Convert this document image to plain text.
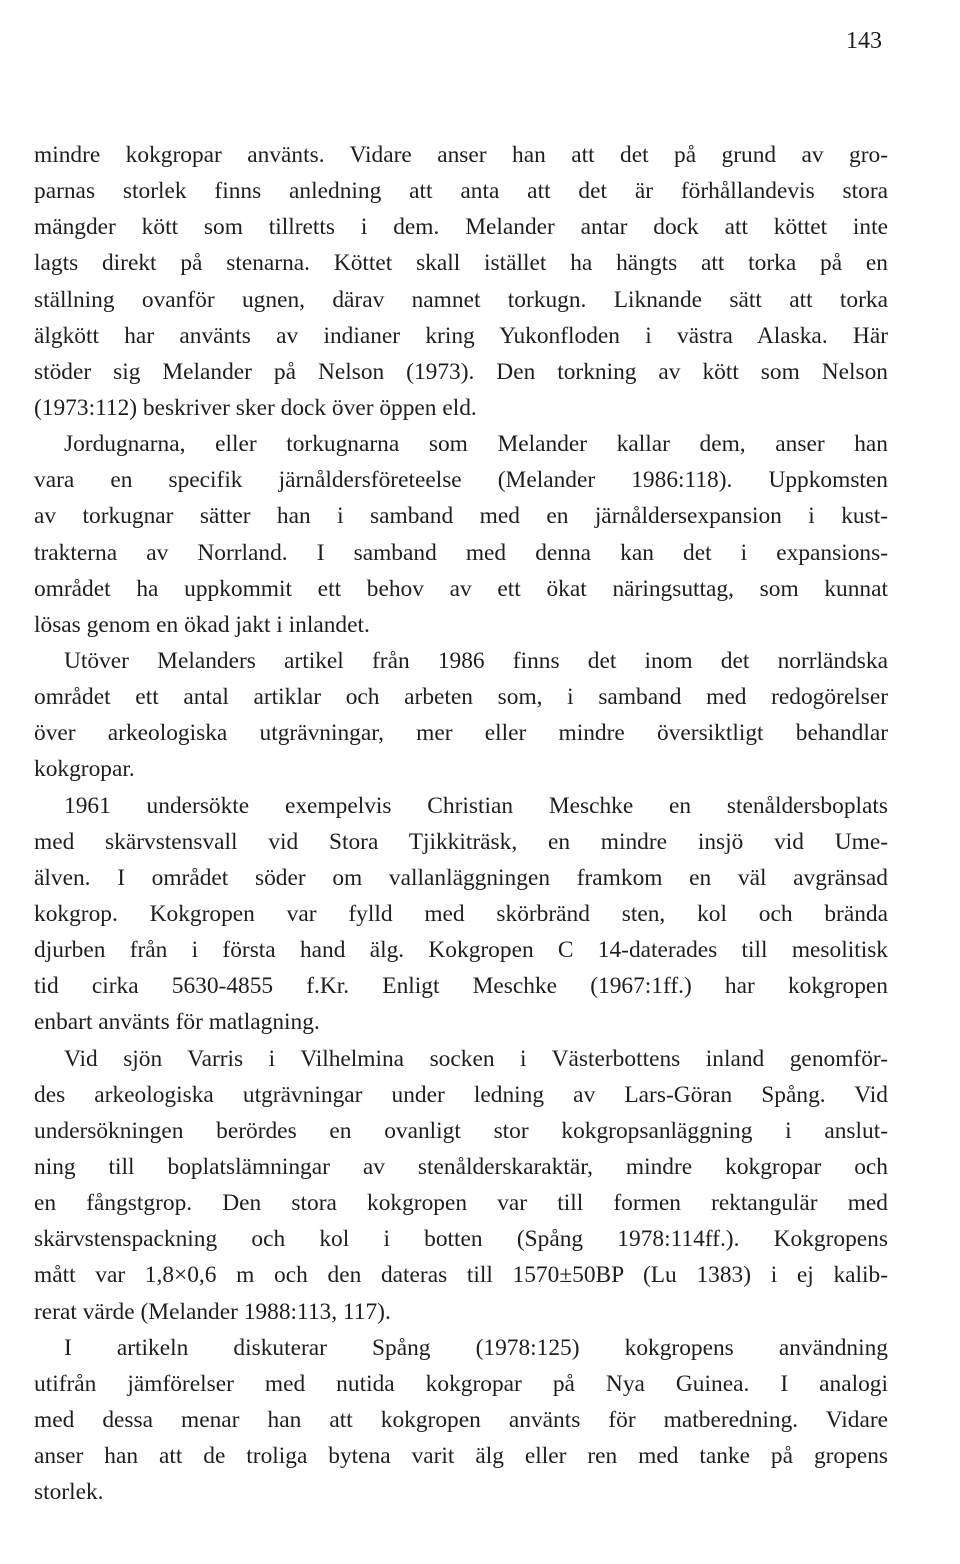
143
mindre kokgropar använts. Vidare anser han att det på grund av gro-
parnas storlek finns anledning att anta att det är förhållandevis stora
mängder kött som tillretts i dem. Melander antar dock att köttet inte
lagts direkt på stenarna. Köttet skall istället ha hängts att torka på en
ställning ovanför ugnen, därav namnet torkugn. Liknande sätt att torka
älgkött har använts av indianer kring Yukonfloden i västra Alaska. Här
stöder sig Melander på Nelson (1973). Den torkning av kött som Nelson
(1973:112) beskriver sker dock över öppen eld.
Jordugnarna, eller torkugnarna som Melander kallar dem, anser han
vara en specifik järnåldersföreteelse (Melander 1986:118). Uppkomsten
av torkugnar sätter han i samband med en järnåldersexpansion i kust-
trakterna av Norrland. I samband med denna kan det i expansions-
området ha uppkommit ett behov av ett ökat näringsuttag, som kunnat
lösas genom en ökad jakt i inlandet.
Utöver Melanders artikel från 1986 finns det inom det norrländska
området ett antal artiklar och arbeten som, i samband med redogörelser
över arkeologiska utgrävningar, mer eller mindre översiktligt behandlar
kokgropar.
1961 undersökte exempelvis Christian Meschke en stenåldersboplats
med skärvstensvall vid Stora Tjikkiträsk, en mindre insjö vid Ume-
älven. I området söder om vallanläggningen framkom en väl avgränsad
kokgrop. Kokgropen var fylld med skörbränd sten, kol och brända
djurben från i första hand älg. Kokgropen C 14-daterades till mesolitisk
tid cirka 5630-4855 f.Kr. Enligt Meschke (1967:1ff.) har kokgropen
enbart använts för matlagning.
Vid sjön Varris i Vilhelmina socken i Västerbottens inland genomför-
des arkeologiska utgrävningar under ledning av Lars-Göran Spång. Vid
undersökningen berördes en ovanligt stor kokgropsanläggning i anslut-
ning till boplatslämningar av stenålderskaraktär, mindre kokgropar och
en fångstgrop. Den stora kokgropen var till formen rektangulär med
skärvstenspackning och kol i botten (Spång 1978:114ff.). Kokgropens
mått var 1,8×0,6 m och den dateras till 1570±50BP (Lu 1383) i ej kalib-
rerat värde (Melander 1988:113, 117).
I artikeln diskuterar Spång (1978:125) kokgropens användning
utifrån jämförelser med nutida kokgropar på Nya Guinea. I analogi
med dessa menar han att kokgropen använts för matberedning. Vidare
anser han att de troliga bytena varit älg eller ren med tanke på gropens
storlek.
